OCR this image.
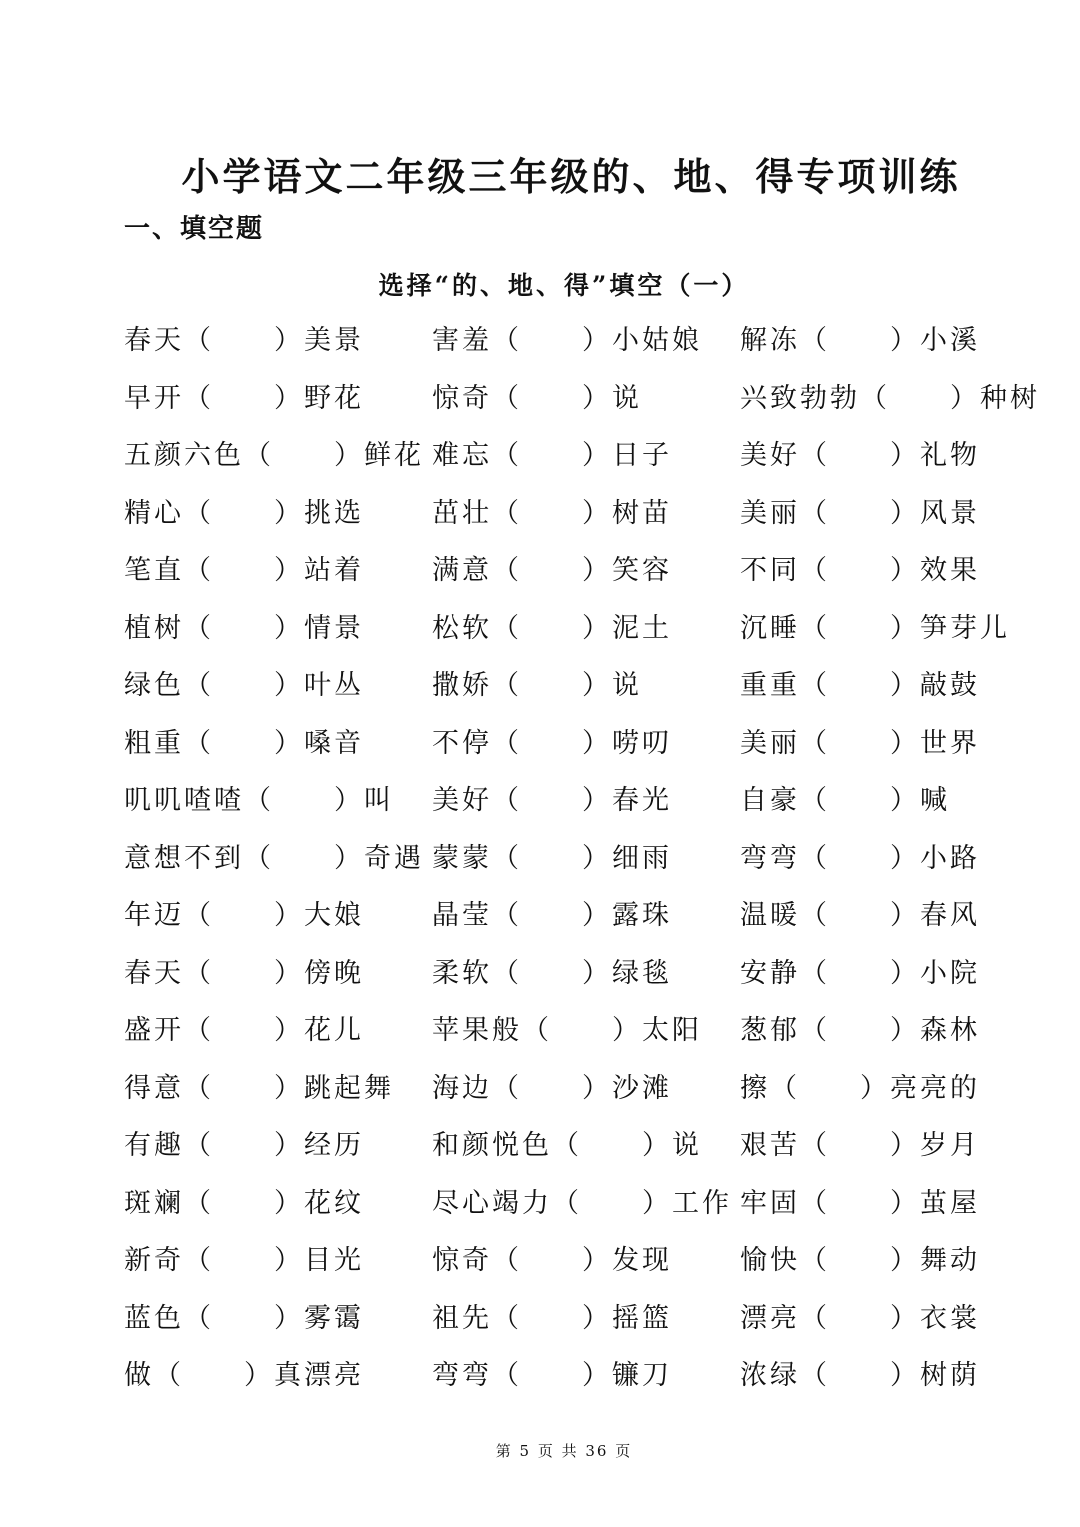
小学语文二年级三年级的、地、得专项训练
一、填空题
选择“的、地、得”填空（一）
春天（　　）美景	害羞（　　）小姑娘 解冻（　　）小溪
早开（　　）野花	惊奇（　　）说	兴致勃勃（　　）种树
五颜六色（　　）鲜花 难忘（　　）日子	美好（　　）礼物
精心（　　）挑选	茁壮（　　）树苗	美丽（　　）风景
笔直（　　）站着	满意（　　）笑容	不同（　　）效果
植树（　　）情景	松软（　　）泥土	沉睡（　　）笋芽儿
绿色（　　）叶丛	撒娇（　　）说	重重（　　）敲鼓
粗重（　　）嗓音	不停（　　）唠叨	美丽（　　）世界
叽叽喳喳（　　）叫 美好（　　）春光	自豪（　　）喊
意想不到（　　）奇遇 蒙蒙（　　）细雨	弯弯（　　）小路
年迈（　　）大娘	晶莹（　　）露珠	温暖（　　）春风
春天（　　）傍晚	柔软（　　）绿毯	安静（　　）小院
盛开（　　）花儿	苹果般（　　）太阳 葱郁（　　）森林
得意（　　）跳起舞 海边（　　）沙滩	擦（　　）亮亮的
有趣（　　）经历	和颜悦色（　　）说 艰苦（　　）岁月
斑斓（　　）花纹	尽心竭力（　　）工作 牢固（　　）茧屋
新奇（　　）目光	惊奇（　　）发现	愉快（　　）舞动
蓝色（　　）雾霭	祖先（　　）摇篮	漂亮（　　）衣裳
做（　　）真漂亮	弯弯（　　）镰刀	浓绿（　　）树荫
第 5 页 共 36 页
